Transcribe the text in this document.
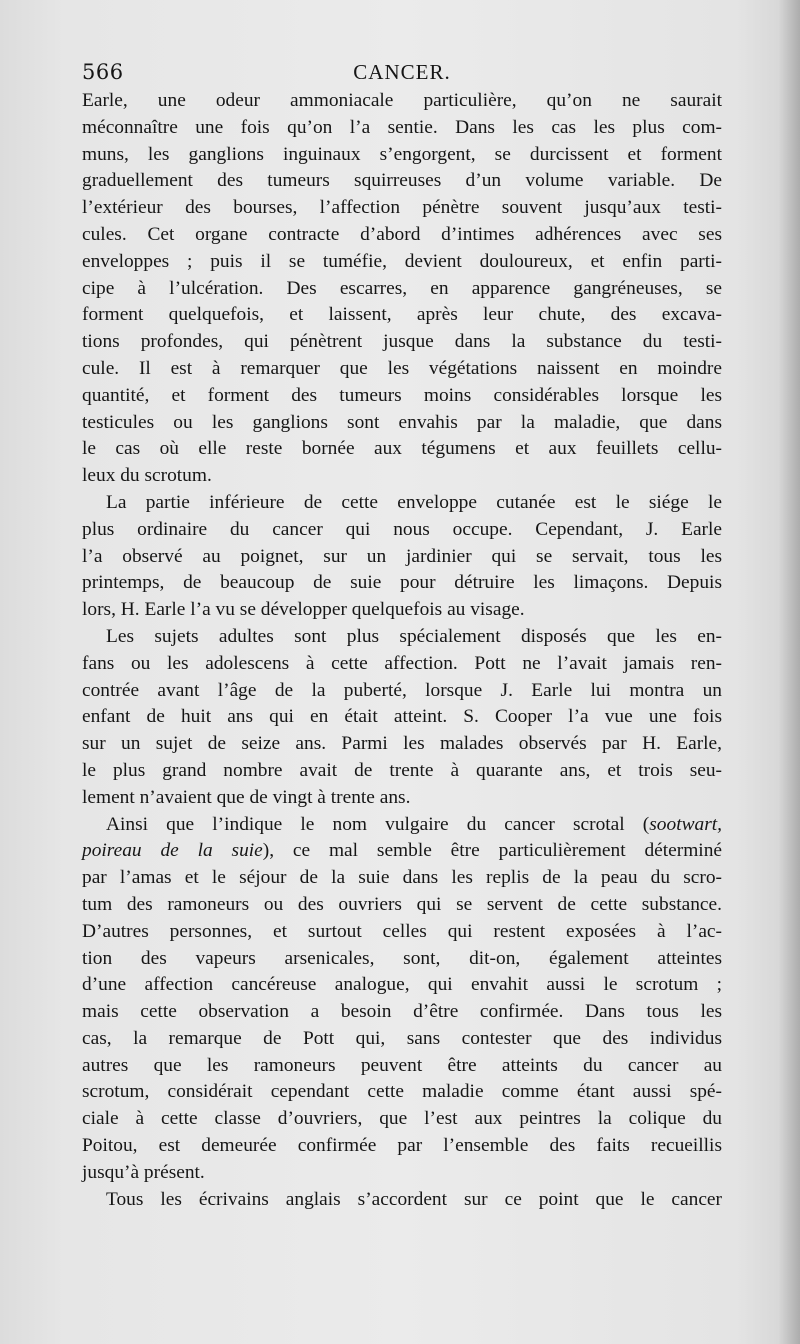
566	CANCER.
Earle, une odeur ammoniacale particulière, qu’on ne saurait
méconnaître une fois qu’on l’a sentie. Dans les cas les plus com-
muns, les ganglions inguinaux s’engorgent, se durcissent et forment
graduellement des tumeurs squirreuses d’un volume variable. De
l’extérieur des bourses, l’affection pénètre souvent jusqu’aux testi-
cules. Cet organe contracte d’abord d’intimes adhérences avec ses
enveloppes ; puis il se tuméfie, devient douloureux, et enfin parti-
cipe à l’ulcération. Des escarres, en apparence gangréneuses, se
forment quelquefois, et laissent, après leur chute, des excava-
tions profondes, qui pénètrent jusque dans la substance du testi-
cule. Il est à remarquer que les végétations naissent en moindre
quantité, et forment des tumeurs moins considérables lorsque les
testicules ou les ganglions sont envahis par la maladie, que dans
le cas où elle reste bornée aux tégumens et aux feuillets cellu-
leux du scrotum.
La partie inférieure de cette enveloppe cutanée est le siége le
plus ordinaire du cancer qui nous occupe. Cependant, J. Earle
l’a observé au poignet, sur un jardinier qui se servait, tous les
printemps, de beaucoup de suie pour détruire les limaçons. Depuis
lors, H. Earle l’a vu se développer quelquefois au visage.
Les sujets adultes sont plus spécialement disposés que les en-
fans ou les adolescens à cette affection. Pott ne l’avait jamais ren-
contrée avant l’âge de la puberté, lorsque J. Earle lui montra un
enfant de huit ans qui en était atteint. S. Cooper l’a vue une fois
sur un sujet de seize ans. Parmi les malades observés par H. Earle,
le plus grand nombre avait de trente à quarante ans, et trois seu-
lement n’avaient que de vingt à trente ans.
Ainsi que l’indique le nom vulgaire du cancer scrotal (sootwart,
poireau de la suie), ce mal semble être particulièrement déterminé
par l’amas et le séjour de la suie dans les replis de la peau du scro-
tum des ramoneurs ou des ouvriers qui se servent de cette substance.
D’autres personnes, et surtout celles qui restent exposées à l’ac-
tion des vapeurs arsenicales, sont, dit-on, également atteintes
d’une affection cancéreuse analogue, qui envahit aussi le scrotum ;
mais cette observation a besoin d’être confirmée. Dans tous les
cas, la remarque de Pott qui, sans contester que des individus
autres que les ramoneurs peuvent être atteints du cancer au
scrotum, considérait cependant cette maladie comme étant aussi spé-
ciale à cette classe d’ouvriers, que l’est aux peintres la colique du
Poitou, est demeurée confirmée par l’ensemble des faits recueillis
jusqu’à présent.
Tous les écrivains anglais s’accordent sur ce point que le cancer
